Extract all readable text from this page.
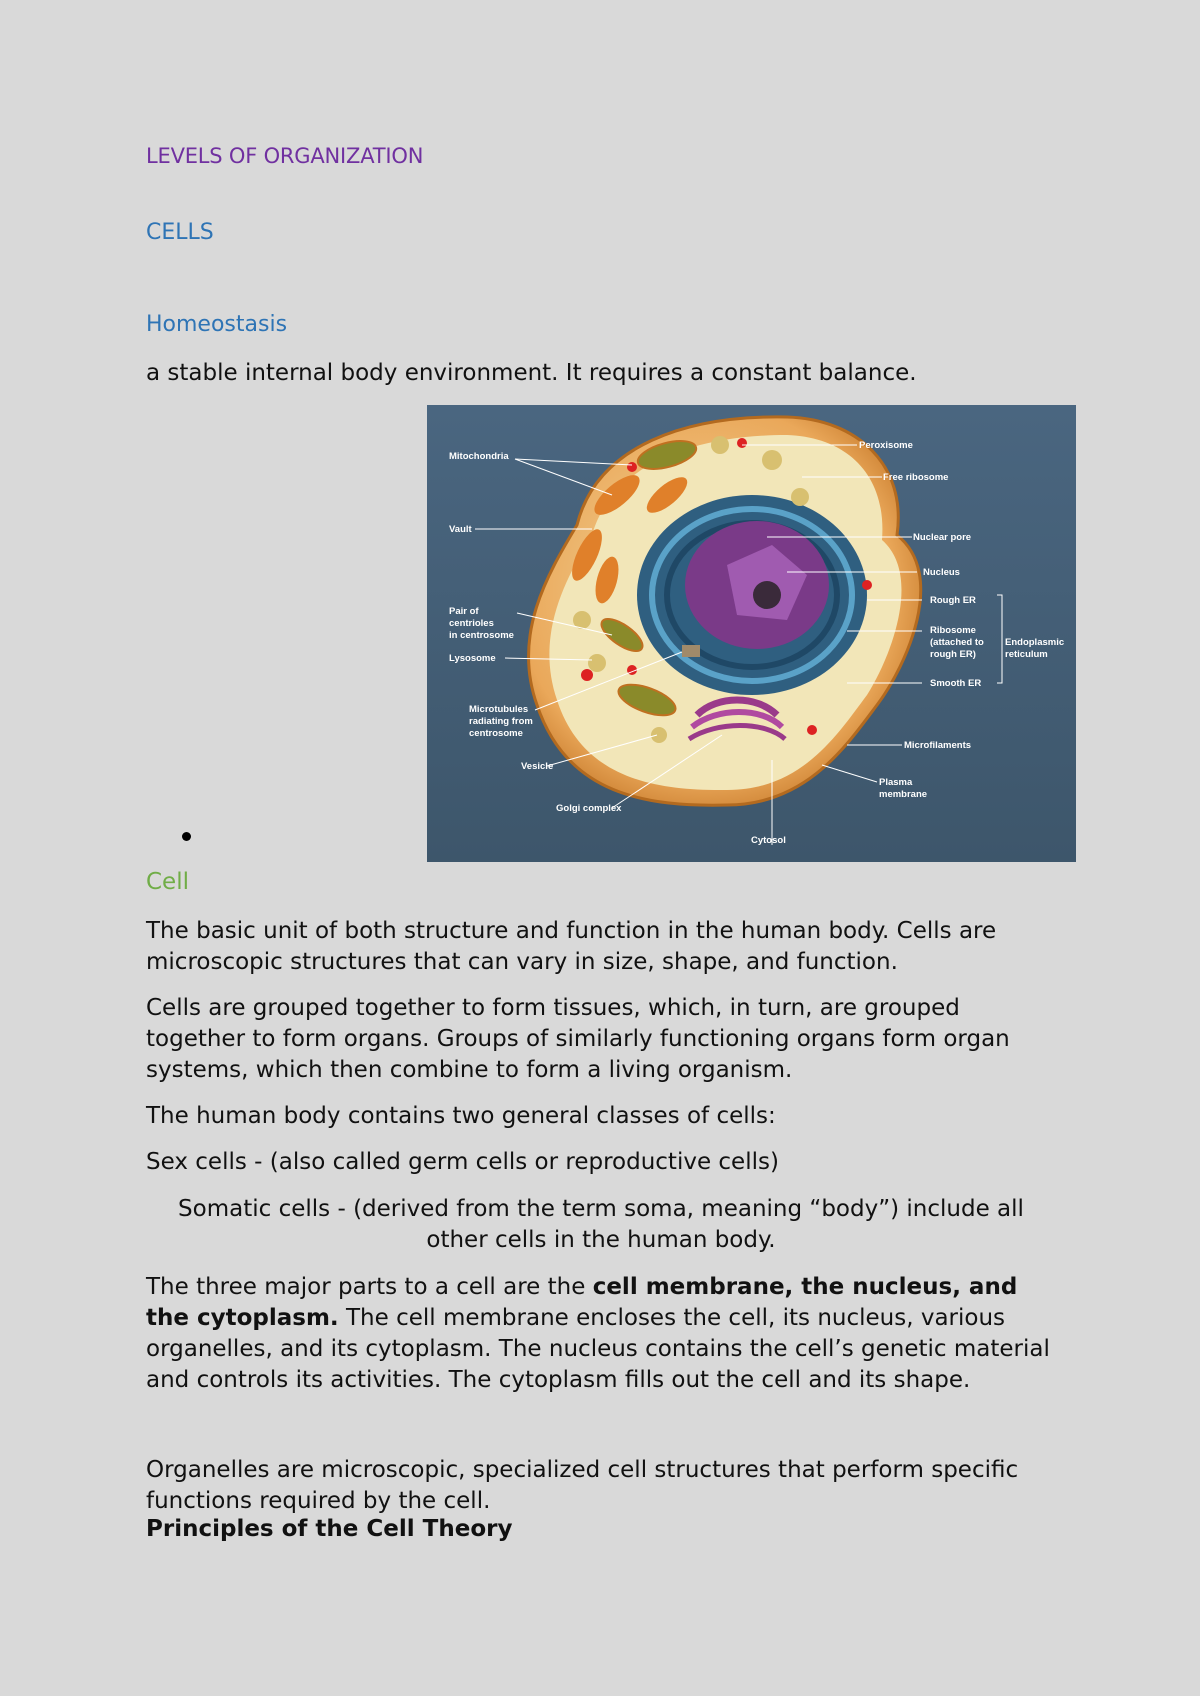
LEVELS OF ORGANIZATION
CELLS
Homeostasis

a stable internal body environment. It requires a constant balance.

Mitochondria
Vault
Pair of
centrioles
in centrosome
Lysosome
Microtubules
radiating from
centrosome
Vesicle
Golgi complex
Cytosol
Peroxisome
Free ribosome
Nuclear pore
Nucleus
Rough ER
Ribosome
(attached to
rough ER)
Smooth ER
Endoplasmic
reticulum
Microfilaments
Plasma
membrane
Cell

The basic unit of both structure and function in the human body. Cells are microscopic structures that can vary in size, shape, and function.

Cells are grouped together to form tissues, which, in turn, are grouped together to form organs. Groups of similarly functioning organs form organ systems, which then combine to form a living organism.

The human body contains two general classes of cells:

Sex cells - (also called germ cells or reproductive cells)

Somatic cells - (derived from the term soma, meaning “body”) include all other cells in the human body.

The three major parts to a cell are the cell membrane, the nucleus, and the cytoplasm. The cell membrane encloses the cell, its nucleus, various organelles, and its cytoplasm. The nucleus contains the cell’s genetic material and controls its activities. The cytoplasm fills out the cell and its shape.

Organelles are microscopic, specialized cell structures that perform specific functions required by the cell.

Principles of the Cell Theory
